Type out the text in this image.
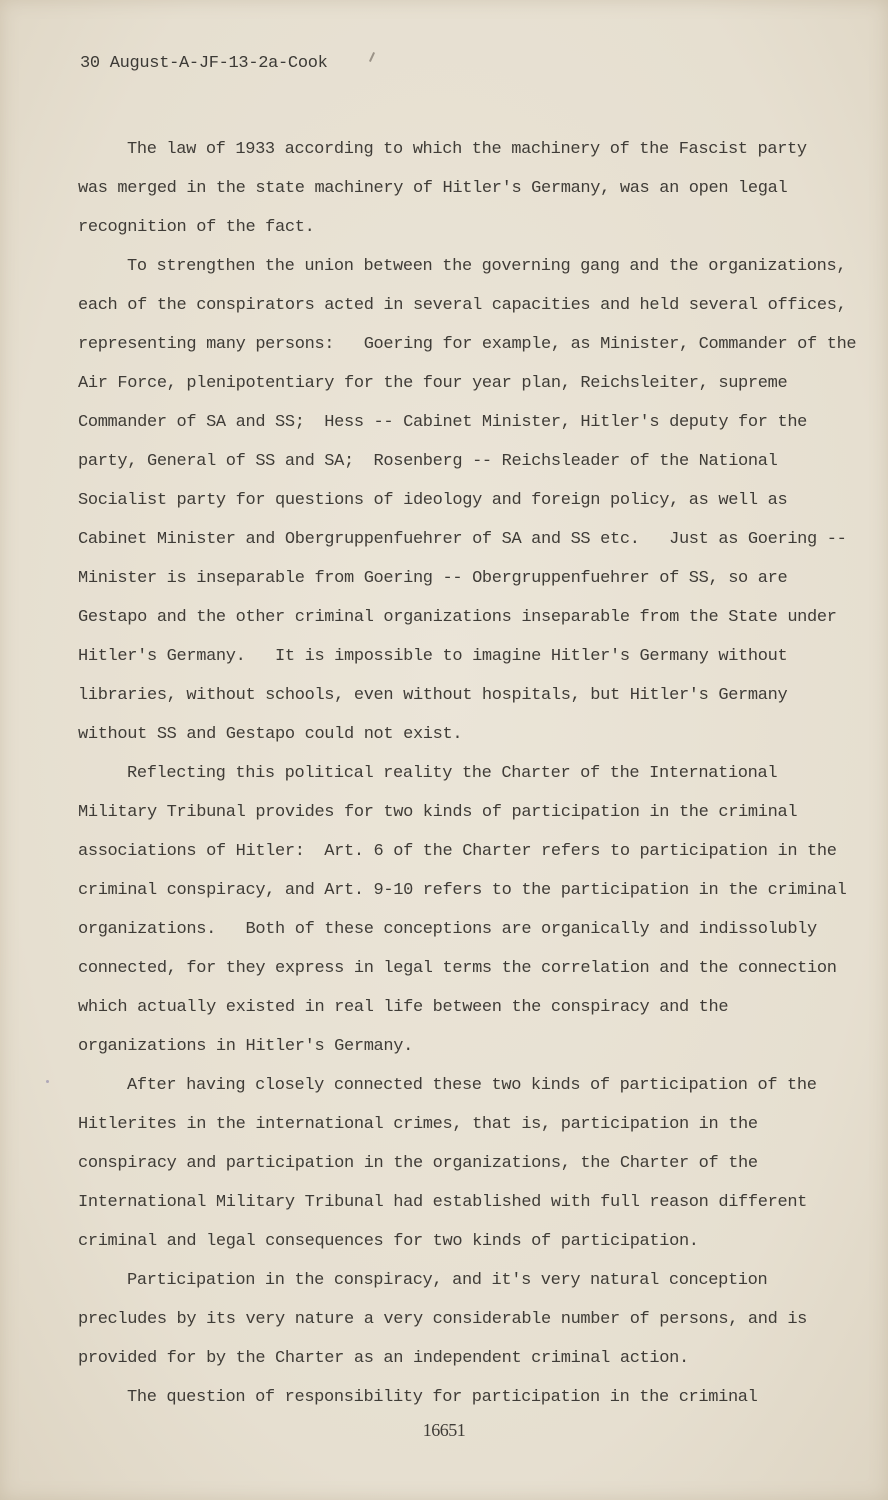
30 August-A-JF-13-2a-Cook
The law of 1933 according to which the machinery of the Fascist party
was merged in the state machinery of Hitler's Germany, was an open legal
recognition of the fact.
To strengthen the union between the governing gang and the organizations,
each of the conspirators acted in several capacities and held several offices,
representing many persons:   Goering for example, as Minister, Commander of the
Air Force, plenipotentiary for the four year plan, Reichsleiter, supreme
Commander of SA and SS;  Hess -- Cabinet Minister, Hitler's deputy for the
party, General of SS and SA;  Rosenberg -- Reichsleader of the National
Socialist party for questions of ideology and foreign policy, as well as
Cabinet Minister and Obergruppenfuehrer of SA and SS etc.   Just as Goering --
Minister is inseparable from Goering -- Obergruppenfuehrer of SS, so are
Gestapo and the other criminal organizations inseparable from the State under
Hitler's Germany.   It is impossible to imagine Hitler's Germany without
libraries, without schools, even without hospitals, but Hitler's Germany
without SS and Gestapo could not exist.
Reflecting this political reality the Charter of the International
Military Tribunal provides for two kinds of participation in the criminal
associations of Hitler:  Art. 6 of the Charter refers to participation in the
criminal conspiracy, and Art. 9-10 refers to the participation in the criminal
organizations.   Both of these conceptions are organically and indissolubly
connected, for they express in legal terms the correlation and the connection
which actually existed in real life between the conspiracy and the
organizations in Hitler's Germany.
After having closely connected these two kinds of participation of the
Hitlerites in the international crimes, that is, participation in the
conspiracy and participation in the organizations, the Charter of the
International Military Tribunal had established with full reason different
criminal and legal consequences for two kinds of participation.
Participation in the conspiracy, and it's very natural conception
precludes by its very nature a very considerable number of persons, and is
provided for by the Charter as an independent criminal action.
The question of responsibility for participation in the criminal
16651
